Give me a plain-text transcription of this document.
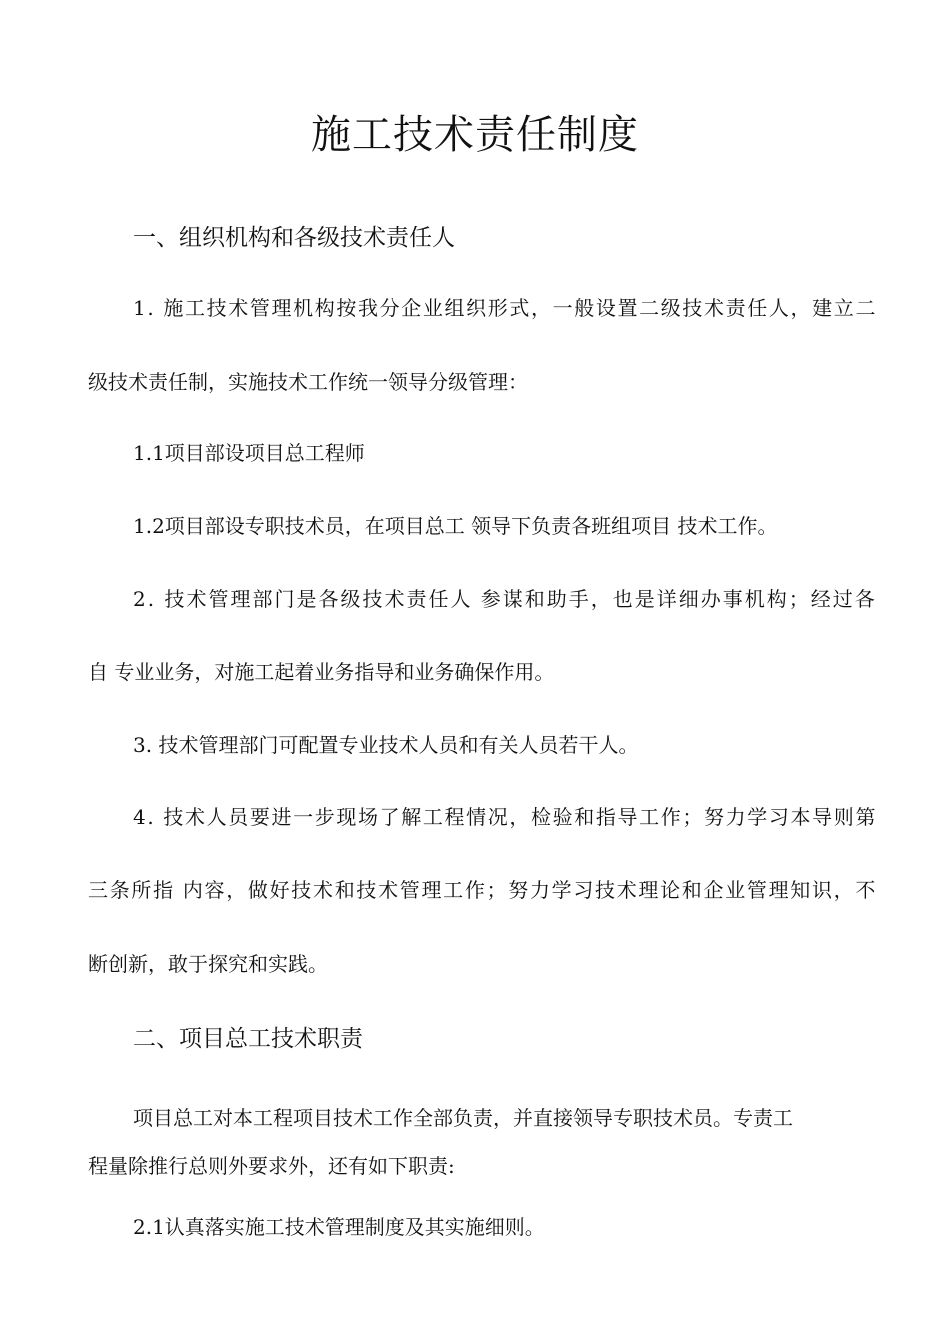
施工技术责任制度

一、组织机构和各级技术责任人

1. 施工技术管理机构按我分企业组织形式，一般设置二级技术责任人，建立二

级技术责任制，实施技术工作统一领导分级管理：

1.1项目部设项目总工程师

1.2项目部设专职技术员，在项目总工 领导下负责各班组项目 技术工作。

2. 技术管理部门是各级技术责任人 参谋和助手，也是详细办事机构；经过各

自 专业业务，对施工起着业务指导和业务确保作用。

3. 技术管理部门可配置专业技术人员和有关人员若干人。

4. 技术人员要进一步现场了解工程情况，检验和指导工作；努力学习本导则第

三条所指 内容，做好技术和技术管理工作；努力学习技术理论和企业管理知识，不

断创新，敢于探究和实践。

二、项目总工技术职责

项目总工对本工程项目技术工作全部负责，并直接领导专职技术员。专责工

程量除推行总则外要求外，还有如下职责:

2.1认真落实施工技术管理制度及其实施细则。
